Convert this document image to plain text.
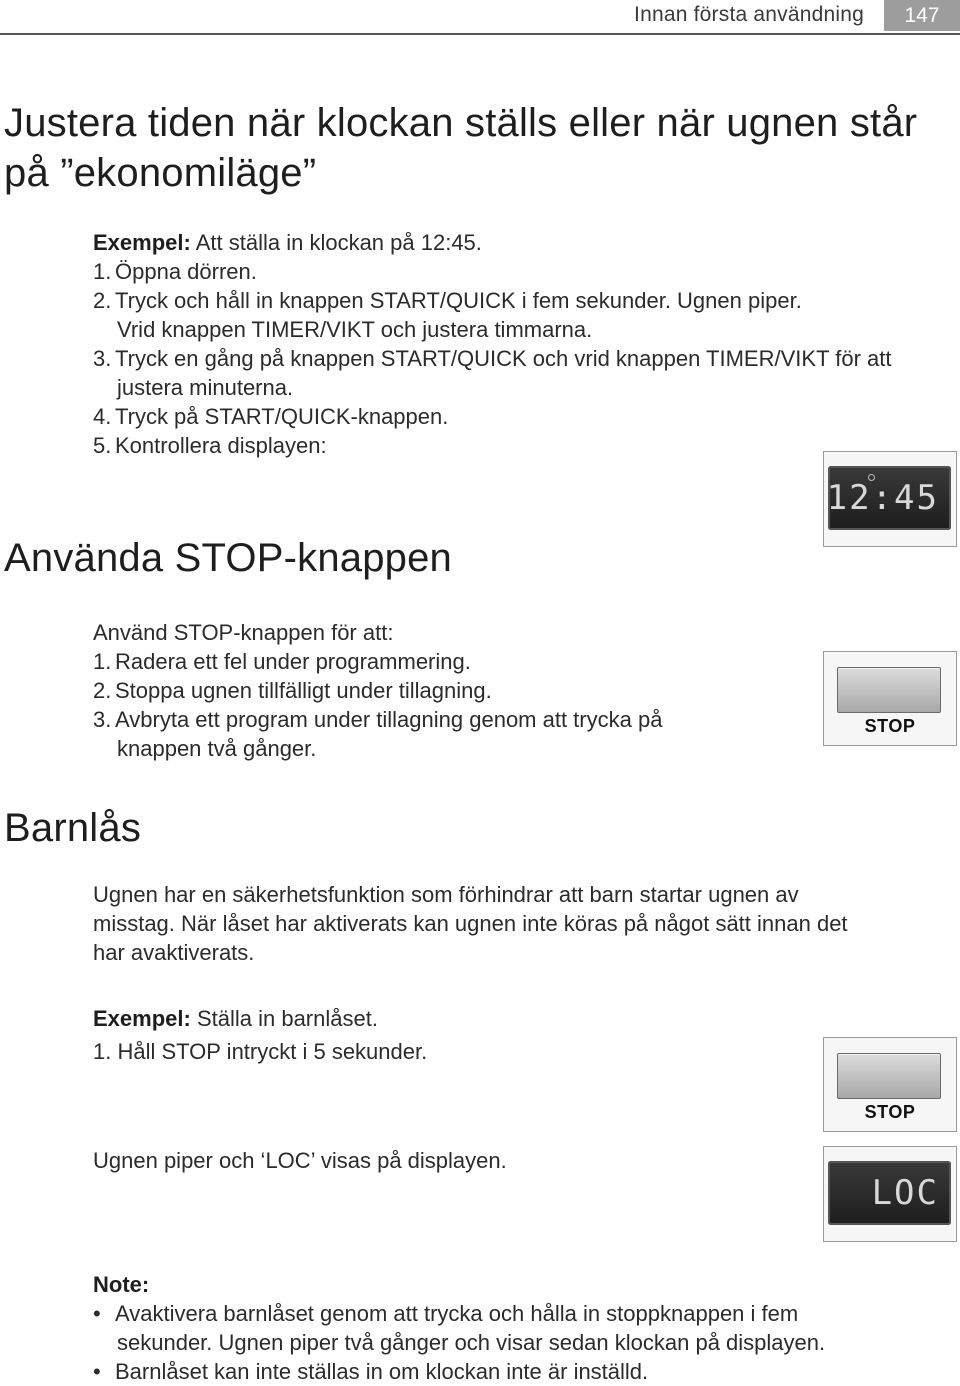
Innan första användning	147
Justera tiden när klockan ställs eller när ugnen står på ”ekonomiläge”
Exempel: Att ställa in klockan på 12:45.
1. Öppna dörren.
2. Tryck och håll in knappen START/QUICK i fem sekunder. Ugnen piper.
Vrid knappen TIMER/VIKT och justera timmarna.
3. Tryck en gång på knappen START/QUICK och vrid knappen TIMER/VIKT för att
justera minuterna.
4. Tryck på START/QUICK-knappen.
5. Kontrollera displayen:
12:45
Använda STOP-knappen
Använd STOP-knappen för att:
1. Radera ett fel under programmering.
2. Stoppa ugnen tillfälligt under tillagning.
3. Avbryta ett program under tillagning genom att trycka på
knappen två gånger.
STOP
Barnlås
Ugnen har en säkerhetsfunktion som förhindrar att barn startar ugnen av
misstag. När låset har aktiverats kan ugnen inte köras på något sätt innan det
har avaktiverats.
Exempel: Ställa in barnlåset.
1. Håll STOP intryckt i 5 sekunder.
STOP
Ugnen piper och ‘LOC’ visas på displayen.
LOC
Note:
• Avaktivera barnlåset genom att trycka och hålla in stoppknappen i fem
sekunder. Ugnen piper två gånger och visar sedan klockan på displayen.
• Barnlåset kan inte ställas in om klockan inte är inställd.
